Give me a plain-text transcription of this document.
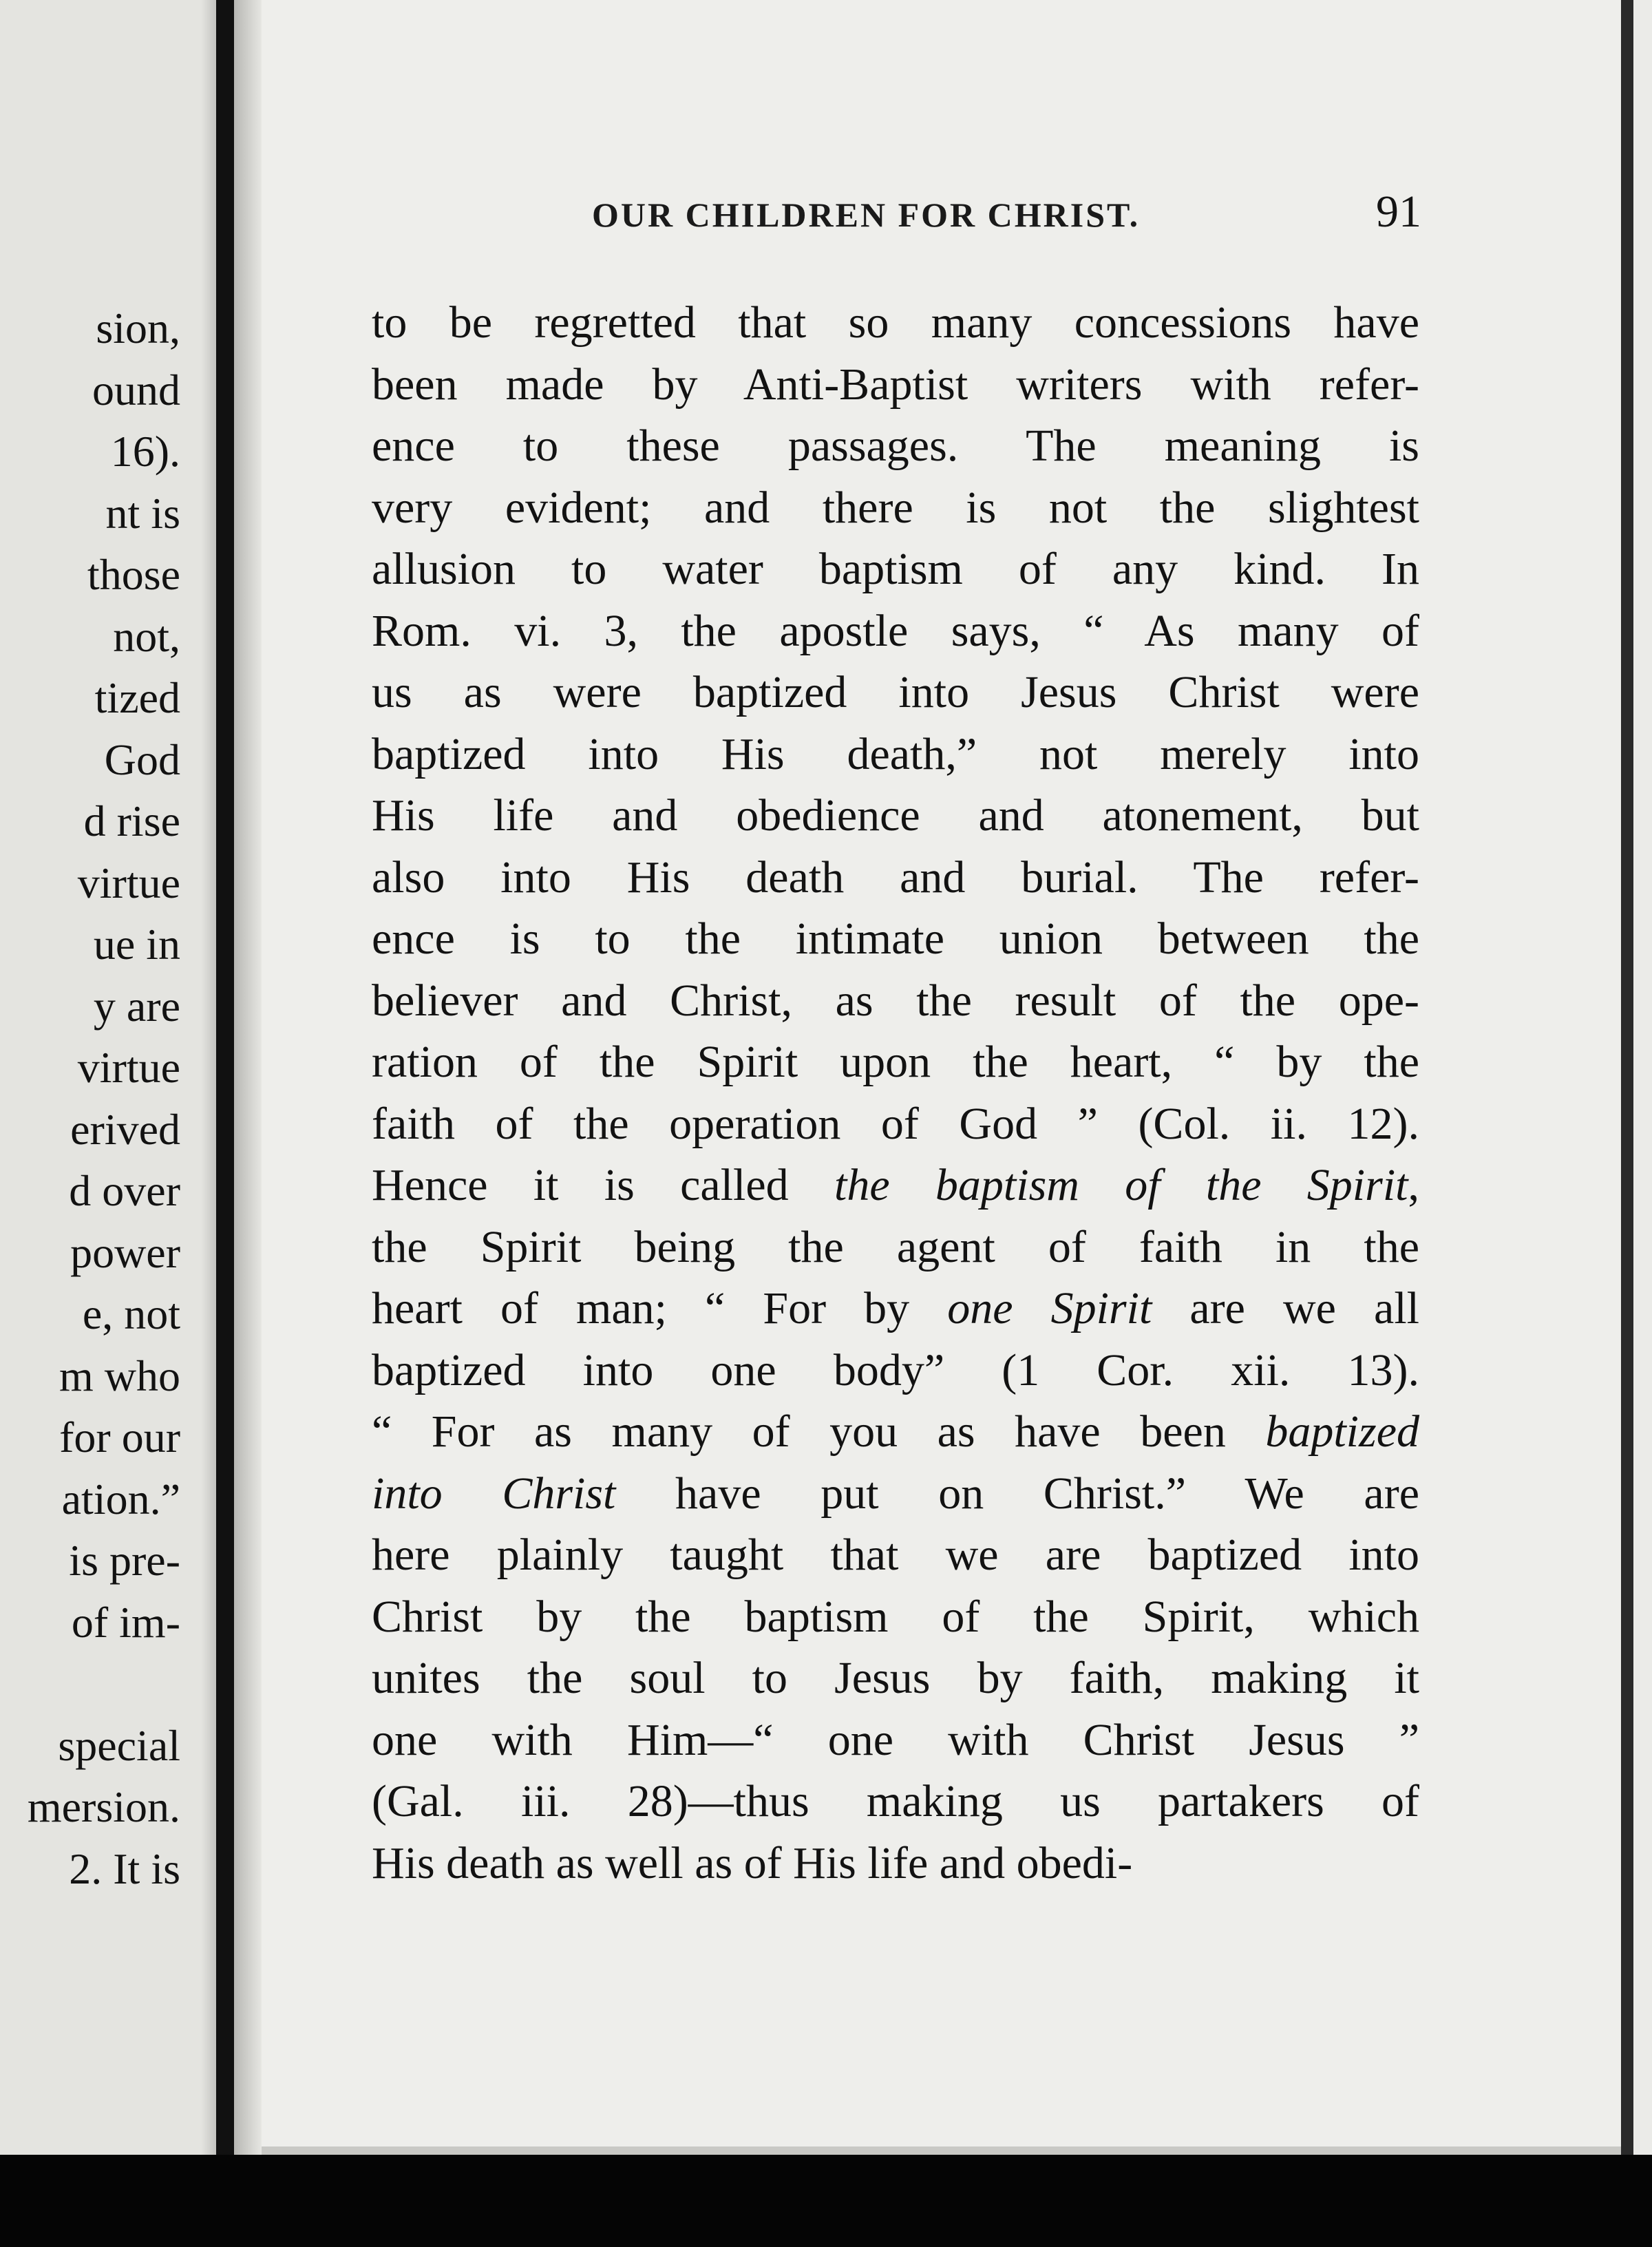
sion,
ound
16).
nt is
those
not,
tized
God
d rise
virtue
ue in
y are
virtue
erived
d over
power
e, not
m who
for our
ation.”
is pre-
of im-
special
mersion.
2. It is
OUR CHILDREN FOR CHRIST.	91
to be regretted that so many concessions have
been made by Anti-Baptist writers with refer-
ence to these passages. The meaning is
very evident; and there is not the slightest
allusion to water baptism of any kind. In
Rom. vi. 3, the apostle says, “ As many of
us as were baptized into Jesus Christ were
baptized into His death,” not merely into
His life and obedience and atonement, but
also into His death and burial. The refer-
ence is to the intimate union between the
believer and Christ, as the result of the ope-
ration of the Spirit upon the heart, “ by the
faith of the operation of God ” (Col. ii. 12).
Hence it is called the baptism of the Spirit,
the Spirit being the agent of faith in the
heart of man; “ For by one Spirit are we all
baptized into one body” (1 Cor. xii. 13).
“ For as many of you as have been baptized
into Christ have put on Christ.” We are
here plainly taught that we are baptized into
Christ by the baptism of the Spirit, which
unites the soul to Jesus by faith, making it
one with Him—“ one with Christ Jesus ”
(Gal. iii. 28)—thus making us partakers of
His death as well as of His life and obedi-
